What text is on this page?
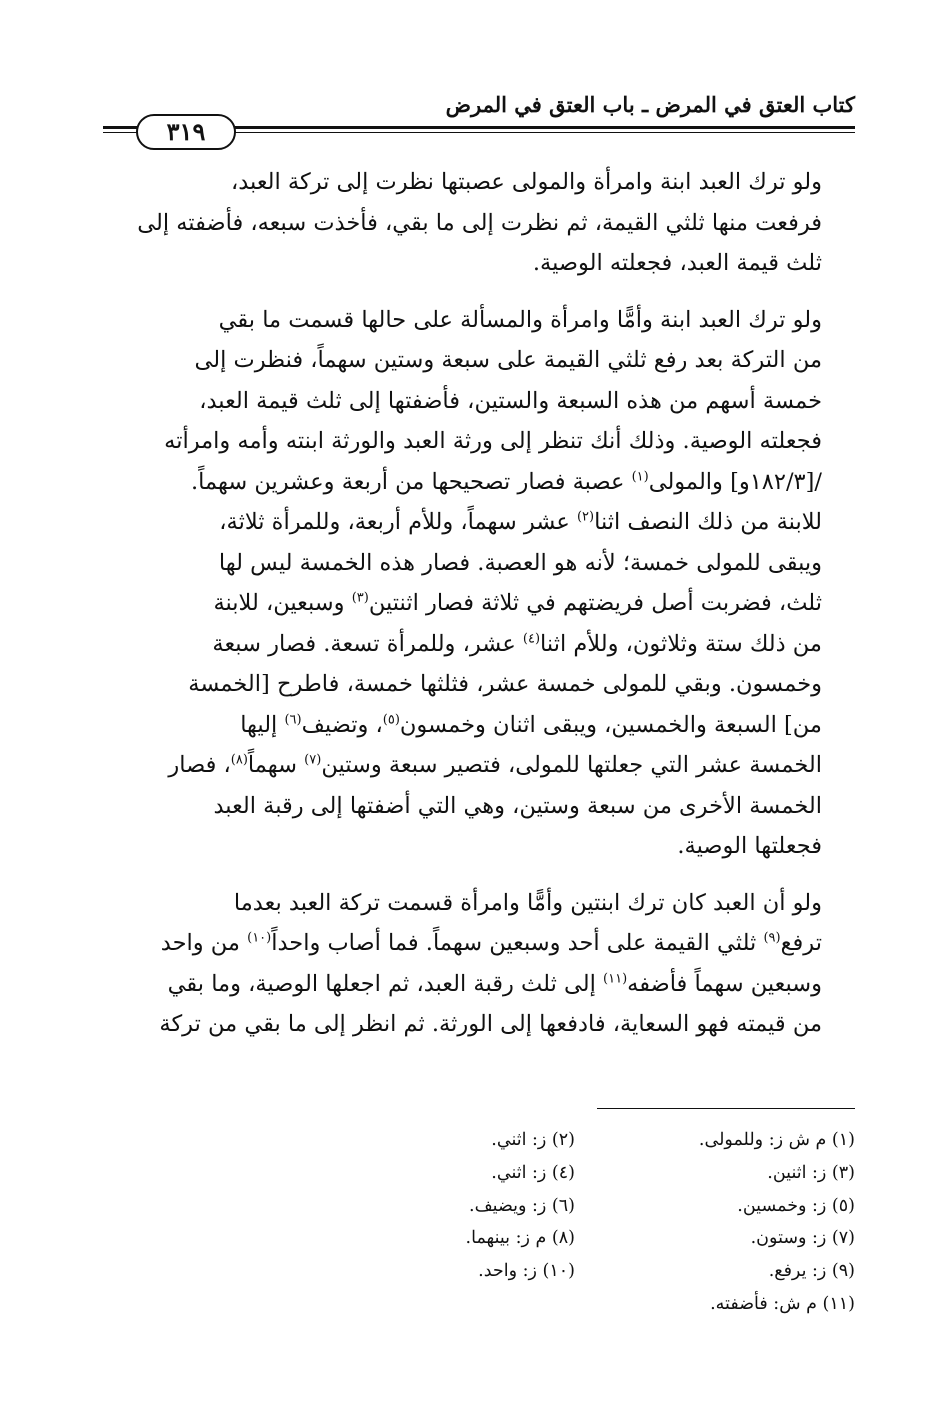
كتاب العتق في المرض ـ باب العتق في المرض
٣١٩

ولو ترك العبد ابنة وامرأة والمولى عصبتها نظرت إلى تركة العبد،
فرفعت منها ثلثي القيمة، ثم نظرت إلى ما بقي، فأخذت سبعه، فأضفته إلى
ثلث قيمة العبد، فجعلته الوصية.

ولو ترك العبد ابنة وأمًّا وامرأة والمسألة على حالها قسمت ما بقي
من التركة بعد رفع ثلثي القيمة على سبعة وستين سهماً، فنظرت إلى
خمسة أسهم من هذه السبعة والستين، فأضفتها إلى ثلث قيمة العبد،
فجعلته الوصية. وذلك أنك تنظر إلى ورثة العبد والورثة ابنته وأمه وامرأته
/[١٨٢/٣و] والمولى$^{(١)}$ عصبة فصار تصحيحها من أربعة وعشرين سهماً.
للابنة من ذلك النصف اثنا$^{(٢)}$ عشر سهماً، وللأم أربعة، وللمرأة ثلاثة،
ويبقى للمولى خمسة؛ لأنه هو العصبة. فصار هذه الخمسة ليس لها
ثلث، فضربت أصل فريضتهم في ثلاثة فصار اثنتين$^{(٣)}$ وسبعين، للابنة
من ذلك ستة وثلاثون، وللأم اثنا$^{(٤)}$ عشر، وللمرأة تسعة. فصار سبعة
وخمسون. وبقي للمولى خمسة عشر، فثلثها خمسة، فاطرح [الخمسة
من] السبعة والخمسين، ويبقى اثنان وخمسون$^{(٥)}$، وتضيف$^{(٦)}$ إليها
الخمسة عشر التي جعلتها للمولى، فتصير سبعة وستين$^{(٧)}$ سهماً$^{(٨)}$، فصار
الخمسة الأخرى من سبعة وستين، وهي التي أضفتها إلى رقبة العبد
فجعلتها الوصية.

ولو أن العبد كان ترك ابنتين وأمًّا وامرأة قسمت تركة العبد بعدما
ترفع$^{(٩)}$ ثلثي القيمة على أحد وسبعين سهماً. فما أصاب واحداً$^{(١٠)}$ من واحد
وسبعين سهماً فأضفه$^{(١١)}$ إلى ثلث رقبة العبد، ثم اجعلها الوصية، وما بقي
من قيمته فهو السعاية، فادفعها إلى الورثة. ثم انظر إلى ما بقي من تركة

(١) م ش ز: وللمولى.
(٢) ز: اثني.
(٣) ز: اثنين.
(٤) ز: اثني.
(٥) ز: وخمسين.
(٦) ز: ويضيف.
(٧) ز: وستون.
(٨) م ز: بينهما.
(٩) ز: يرفع.
(١٠) ز: واحد.
(١١) م ش: فأضفته.
